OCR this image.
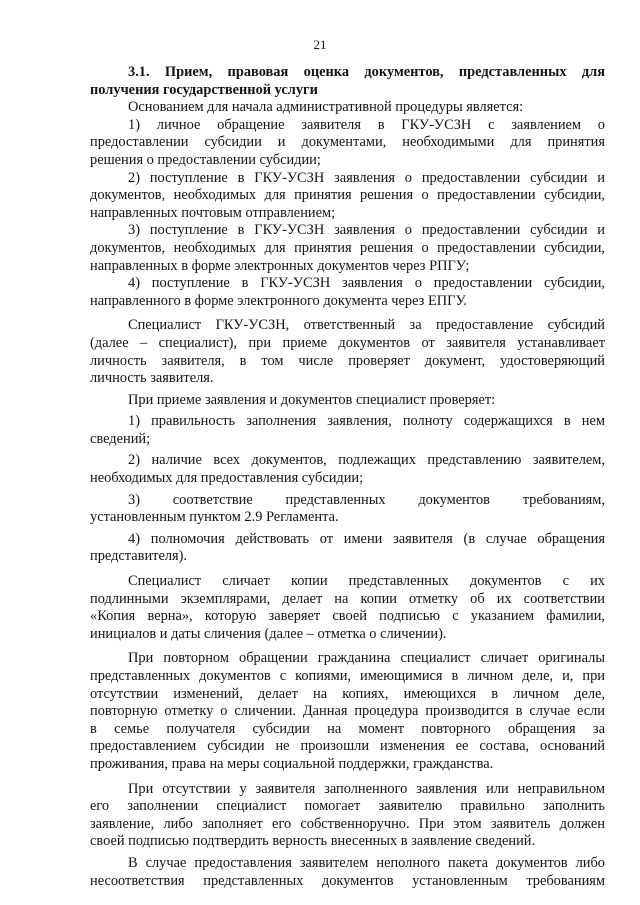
21
3.1. Прием, правовая оценка документов, представленных для
получения государственной услуги
Основанием для начала административной процедуры является:
1) личное обращение заявителя в ГКУ-УСЗН с заявлением о
предоставлении субсидии и документами, необходимыми для принятия
решения о предоставлении субсидии;
2) поступление в ГКУ-УСЗН заявления о предоставлении субсидии и
документов, необходимых для принятия решения о предоставлении субсидии,
направленных почтовым отправлением;
3) поступление в ГКУ-УСЗН заявления о предоставлении субсидии и
документов, необходимых для принятия решения о предоставлении субсидии,
направленных в форме электронных документов через РПГУ;
4) поступление в ГКУ-УСЗН заявления о предоставлении субсидии,
направленного в форме электронного документа через ЕПГУ.
Специалист ГКУ-УСЗН, ответственный за предоставление субсидий
(далее – специалист), при приеме документов от заявителя устанавливает
личность заявителя, в том числе проверяет документ, удостоверяющий
личность заявителя.
При приеме заявления и документов специалист проверяет:
1) правильность заполнения заявления, полноту содержащихся в нем
сведений;
2) наличие всех документов, подлежащих представлению заявителем,
необходимых для предоставления субсидии;
3) соответствие представленных документов требованиям,
установленным пунктом 2.9 Регламента.
4) полномочия действовать от имени заявителя (в случае обращения
представителя).
Специалист сличает копии представленных документов с их
подлинными экземплярами, делает на копии отметку об их соответствии
«Копия верна», которую заверяет своей подписью с указанием фамилии,
инициалов и даты сличения (далее – отметка о сличении).
При повторном обращении гражданина специалист сличает оригиналы
представленных документов с копиями, имеющимися в личном деле, и, при
отсутствии изменений, делает на копиях, имеющихся в личном деле,
повторную отметку о сличении. Данная процедура производится в случае если
в семье получателя субсидии на момент повторного обращения за
предоставлением субсидии не произошли изменения ее состава, оснований
проживания, права на меры социальной поддержки, гражданства.
При отсутствии у заявителя заполненного заявления или неправильном
его заполнении специалист помогает заявителю правильно заполнить
заявление, либо заполняет его собственноручно. При этом заявитель должен
своей подписью подтвердить верность внесенных в заявление сведений.
В случае предоставления заявителем неполного пакета документов либо
несоответствия представленных документов установленным требованиям
